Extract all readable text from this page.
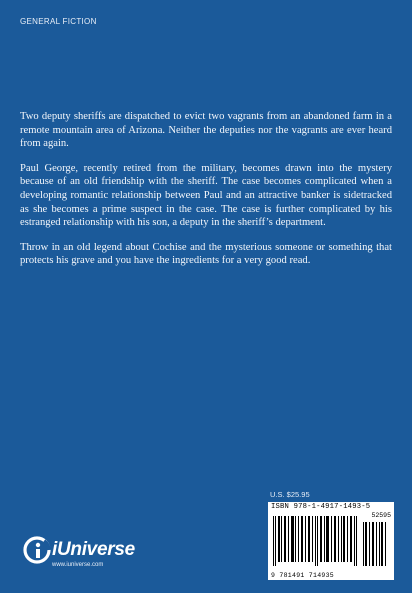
GENERAL FICTION

Two deputy sheriffs are dispatched to evict two vagrants from an abandoned farm in a remote mountain area of Arizona. Neither the deputies nor the vagrants are ever heard from again.

Paul George, recently retired from the military, becomes drawn into the mystery because of an old friendship with the sheriff. The case becomes complicated when a developing romantic relationship between Paul and an attractive banker is sidetracked as she becomes a prime suspect in the case. The case is further complicated by his estranged relationship with his son, a deputy in the sheriff’s department.

Throw in an old legend about Cochise and the mysterious someone or something that protects his grave and you have the ingredients for a very good read.

U.S. $25.95
ISBN 978-1-4917-1493-5
52595
9 781491 714935
iUniverse
www.iuniverse.com
